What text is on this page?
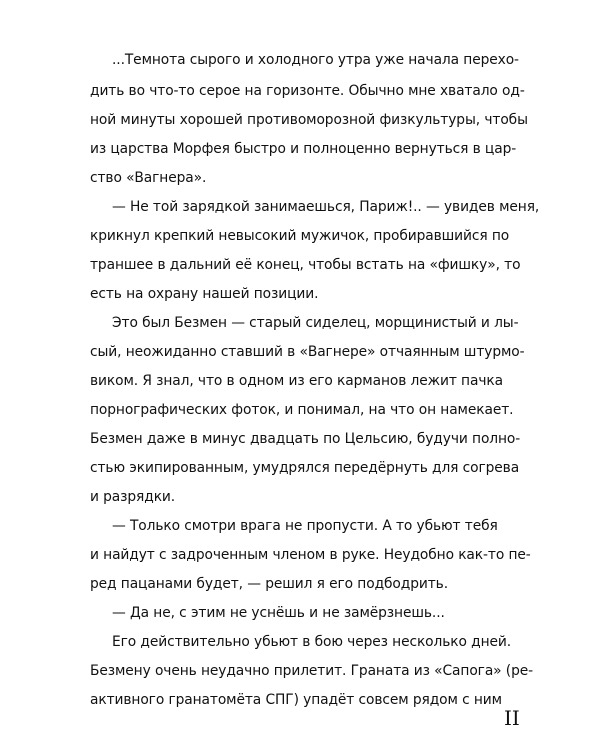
...Темнота сырого и холодного утра уже начала перехо-
дить во что-то серое на горизонте. Обычно мне хватало од-
ной минуты хорошей противоморозной физкультуры, чтобы
из царства Морфея быстро и полноценно вернуться в цар-
ство «Вагнера».
— Не той зарядкой занимаешься, Париж!.. — увидев меня,
крикнул крепкий невысокий мужичок, пробиравшийся по
траншее в дальний её конец, чтобы встать на «фишку», то
есть на охрану нашей позиции.
Это был Безмен — старый сиделец, морщинистый и лы-
сый, неожиданно ставший в «Вагнере» отчаянным штурмо-
виком. Я знал, что в одном из его карманов лежит пачка
порнографических фоток, и понимал, на что он намекает.
Безмен даже в минус двадцать по Цельсию, будучи полно-
стью экипированным, умудрялся передёрнуть для согрева
и разрядки.
— Только смотри врага не пропусти. А то убьют тебя
и найдут с задроченным членом в руке. Неудобно как-то пе-
ред пацанами будет, — решил я его подбодрить.
— Да не, с этим не уснёшь и не замёрзнешь...
Его действительно убьют в бою через несколько дней.
Безмену очень неудачно прилетит. Граната из «Сапога» (ре-
активного гранатомёта СПГ) упадёт совсем рядом с ним
II
